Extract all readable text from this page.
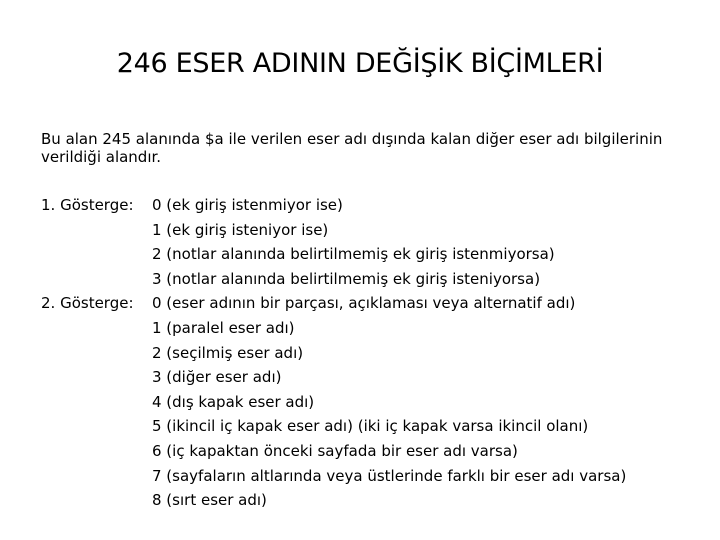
246 ESER ADININ DEĞİŞİK BİÇİMLERİ
Bu alan 245 alanında $a ile verilen eser adı dışında kalan diğer eser adı bilgilerinin verildiği alandır.
1. Gösterge:	0 (ek giriş istenmiyor ise)
1 (ek giriş isteniyor ise)
2 (notlar alanında belirtilmemiş ek giriş istenmiyorsa)
3 (notlar alanında belirtilmemiş ek giriş isteniyorsa)
2. Gösterge:	0 (eser adının bir parçası, açıklaması veya alternatif adı)
1 (paralel eser adı)
2 (seçilmiş eser adı)
3 (diğer eser adı)
4 (dış kapak eser adı)
5 (ikincil iç kapak eser adı) (iki iç kapak varsa ikincil olanı)
6 (iç kapaktan önceki sayfada bir eser adı varsa)
7 (sayfaların altlarında veya üstlerinde farklı bir eser adı varsa)
8 (sırt eser adı)
